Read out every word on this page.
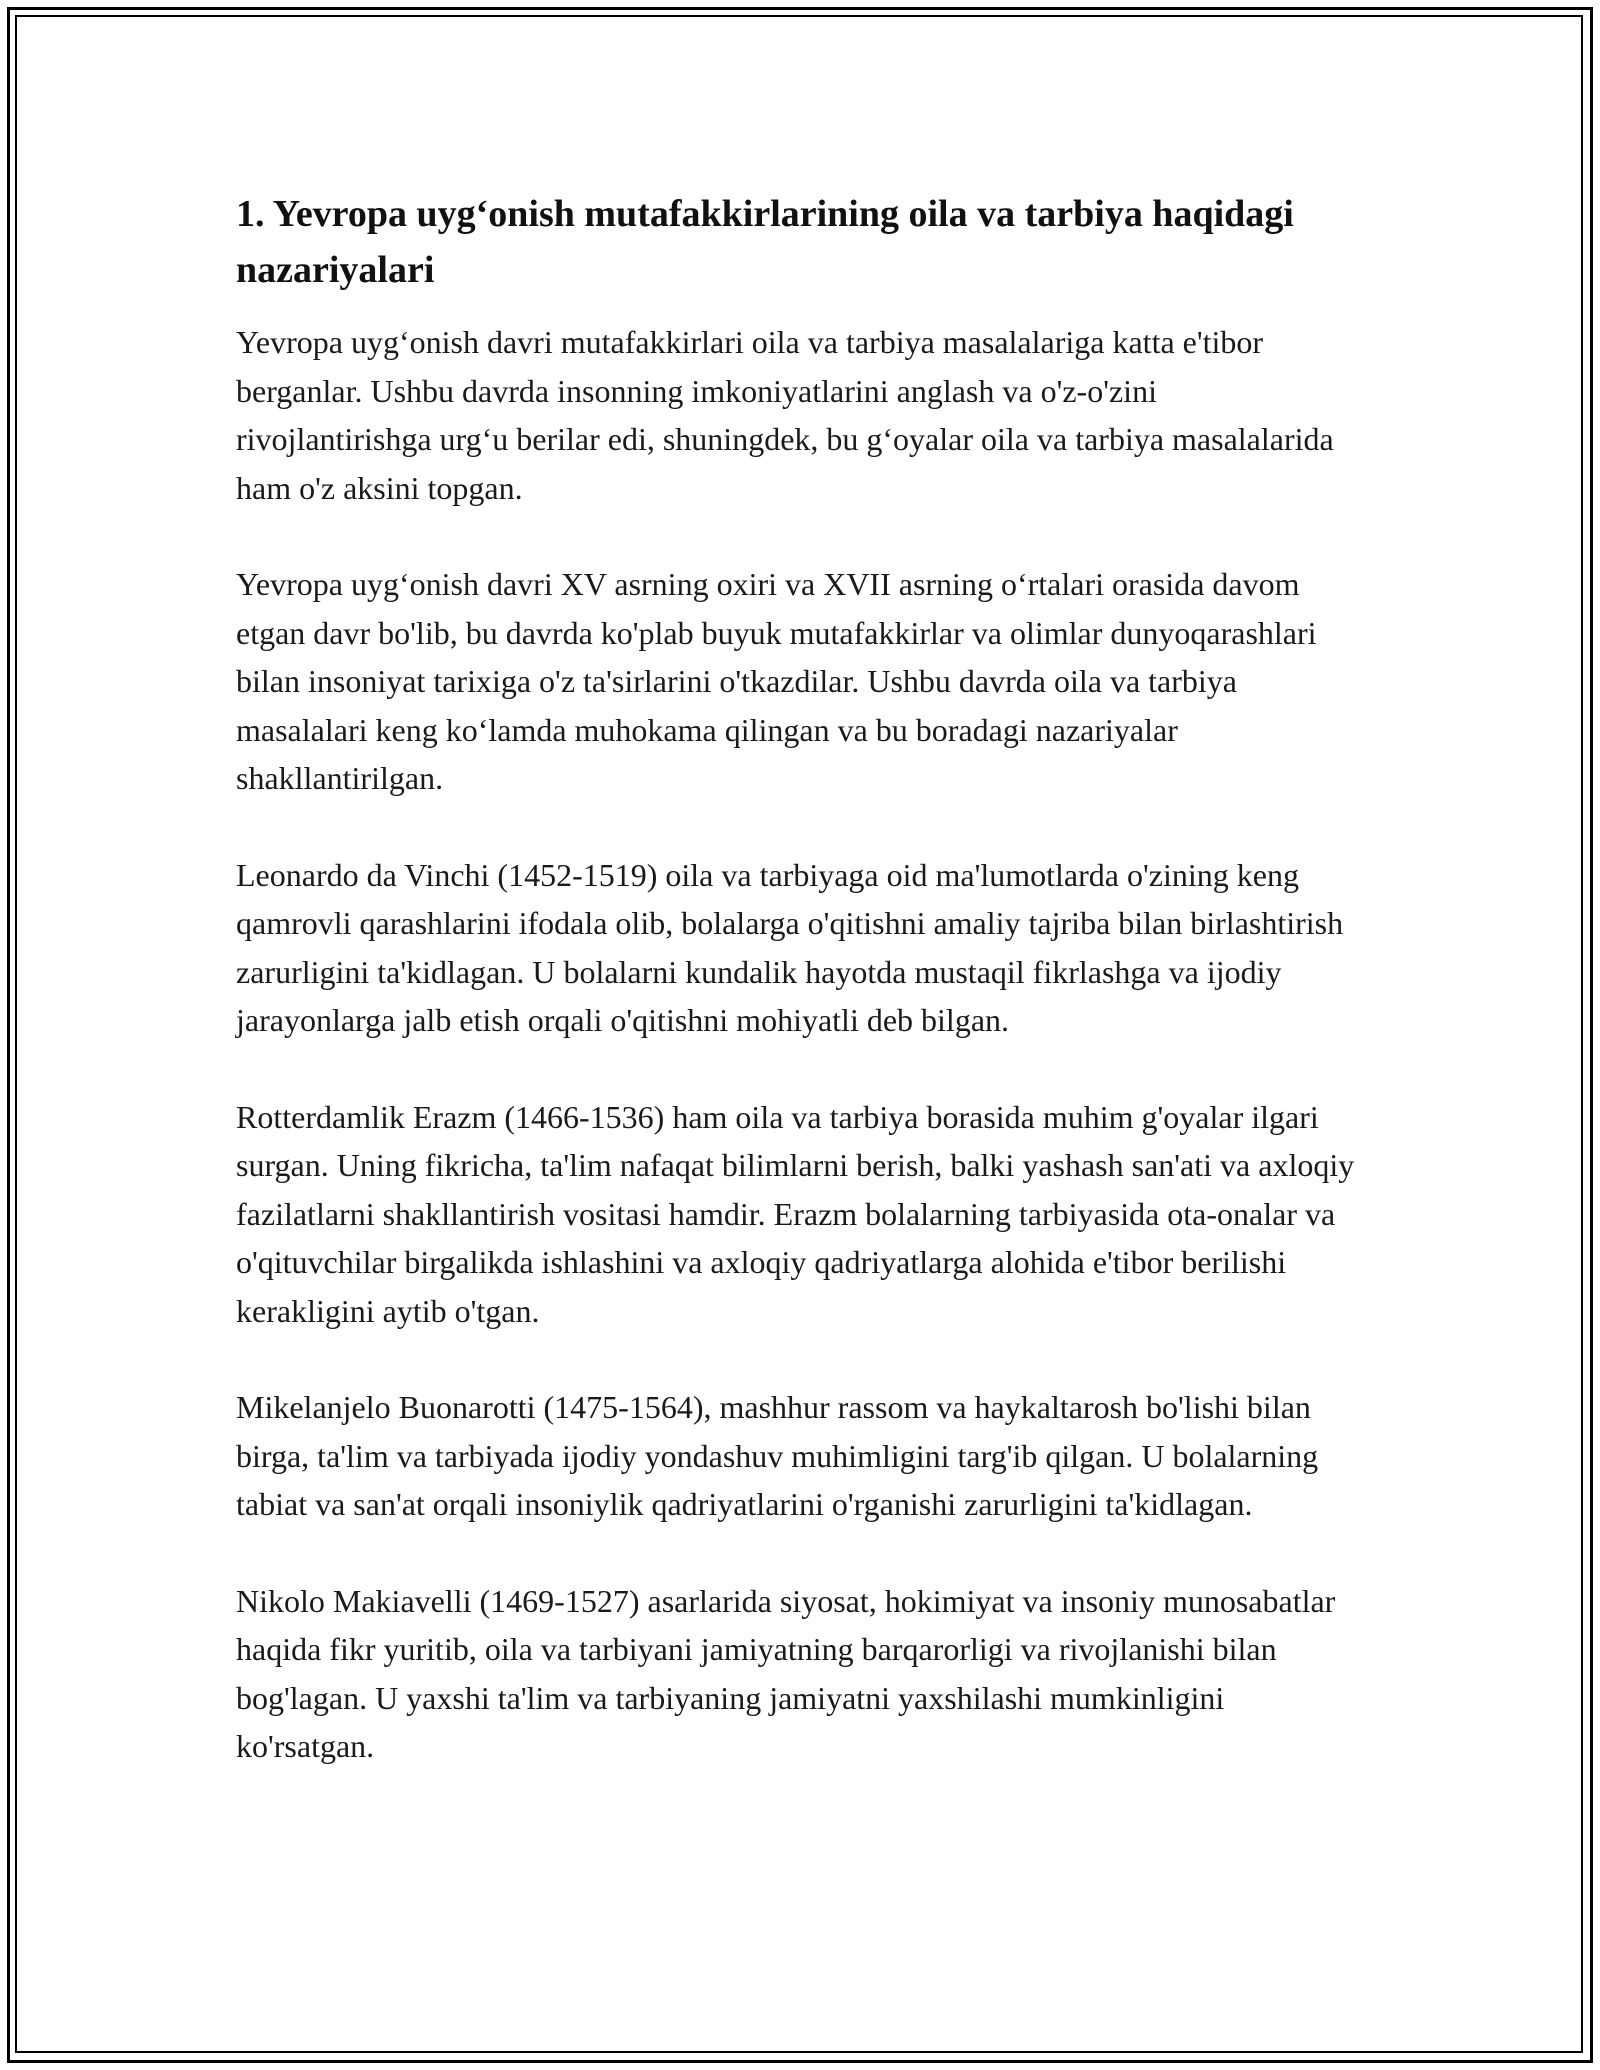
1. Yevropa uyg‘onish mutafakkirlarining oila va tarbiya haqidagi nazariyalari

Yevropa uyg‘onish davri mutafakkirlari oila va tarbiya masalalariga katta e'tibor berganlar. Ushbu davrda insonning imkoniyatlarini anglash va o'z-o'zini rivojlantirishga urg‘u berilar edi, shuningdek, bu g‘oyalar oila va tarbiya masalalarida ham o'z aksini topgan.

Yevropa uyg‘onish davri XV asrning oxiri va XVII asrning o‘rtalari orasida davom etgan davr bo'lib, bu davrda ko'plab buyuk mutafakkirlar va olimlar dunyoqarashlari bilan insoniyat tarixiga o'z ta'sirlarini o'tkazdilar. Ushbu davrda oila va tarbiya masalalari keng ko‘lamda muhokama qilingan va bu boradagi nazariyalar shakllantirilgan.

Leonardo da Vinchi (1452-1519) oila va tarbiyaga oid ma'lumotlarda o'zining keng qamrovli qarashlarini ifodala olib, bolalarga o'qitishni amaliy tajriba bilan birlashtirish zarurligini ta'kidlagan. U bolalarni kundalik hayotda mustaqil fikrlashga va ijodiy jarayonlarga jalb etish orqali o'qitishni mohiyatli deb bilgan.

Rotterdamlik Erazm (1466-1536) ham oila va tarbiya borasida muhim g'oyalar ilgari surgan. Uning fikricha, ta'lim nafaqat bilimlarni berish, balki yashash san'ati va axloqiy fazilatlarni shakllantirish vositasi hamdir. Erazm bolalarning tarbiyasida ota-onalar va o'qituvchilar birgalikda ishlashini va axloqiy qadriyatlarga alohida e'tibor berilishi kerakligini aytib o'tgan.

Mikelanjelo Buonarotti (1475-1564), mashhur rassom va haykaltarosh bo'lishi bilan birga, ta'lim va tarbiyada ijodiy yondashuv muhimligini targ'ib qilgan. U bolalarning tabiat va san'at orqali insoniylik qadriyatlarini o'rganishi zarurligini ta'kidlagan.

Nikolo Makiavelli (1469-1527) asarlarida siyosat, hokimiyat va insoniy munosabatlar haqida fikr yuritib, oila va tarbiyani jamiyatning barqarorligi va rivojlanishi bilan bog'lagan. U yaxshi ta'lim va tarbiyaning jamiyatni yaxshilashi mumkinligini ko'rsatgan.
